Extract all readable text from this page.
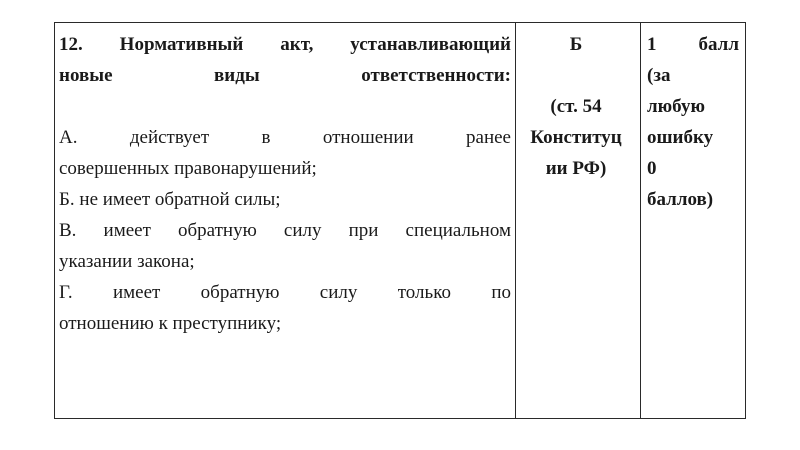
12. Нормативный акт, устанавливающий
новые виды ответственности:
А. действует в отношении ранее
совершенных правонарушений;
Б. не имеет обратной силы;
В. имеет обратную силу при специальном
указании закона;
Г. имеет обратную силу только по
отношению к преступнику;
Б
(ст. 54
Конституц
ии РФ)
1 балл
(за
любую
ошибку
0
баллов)
